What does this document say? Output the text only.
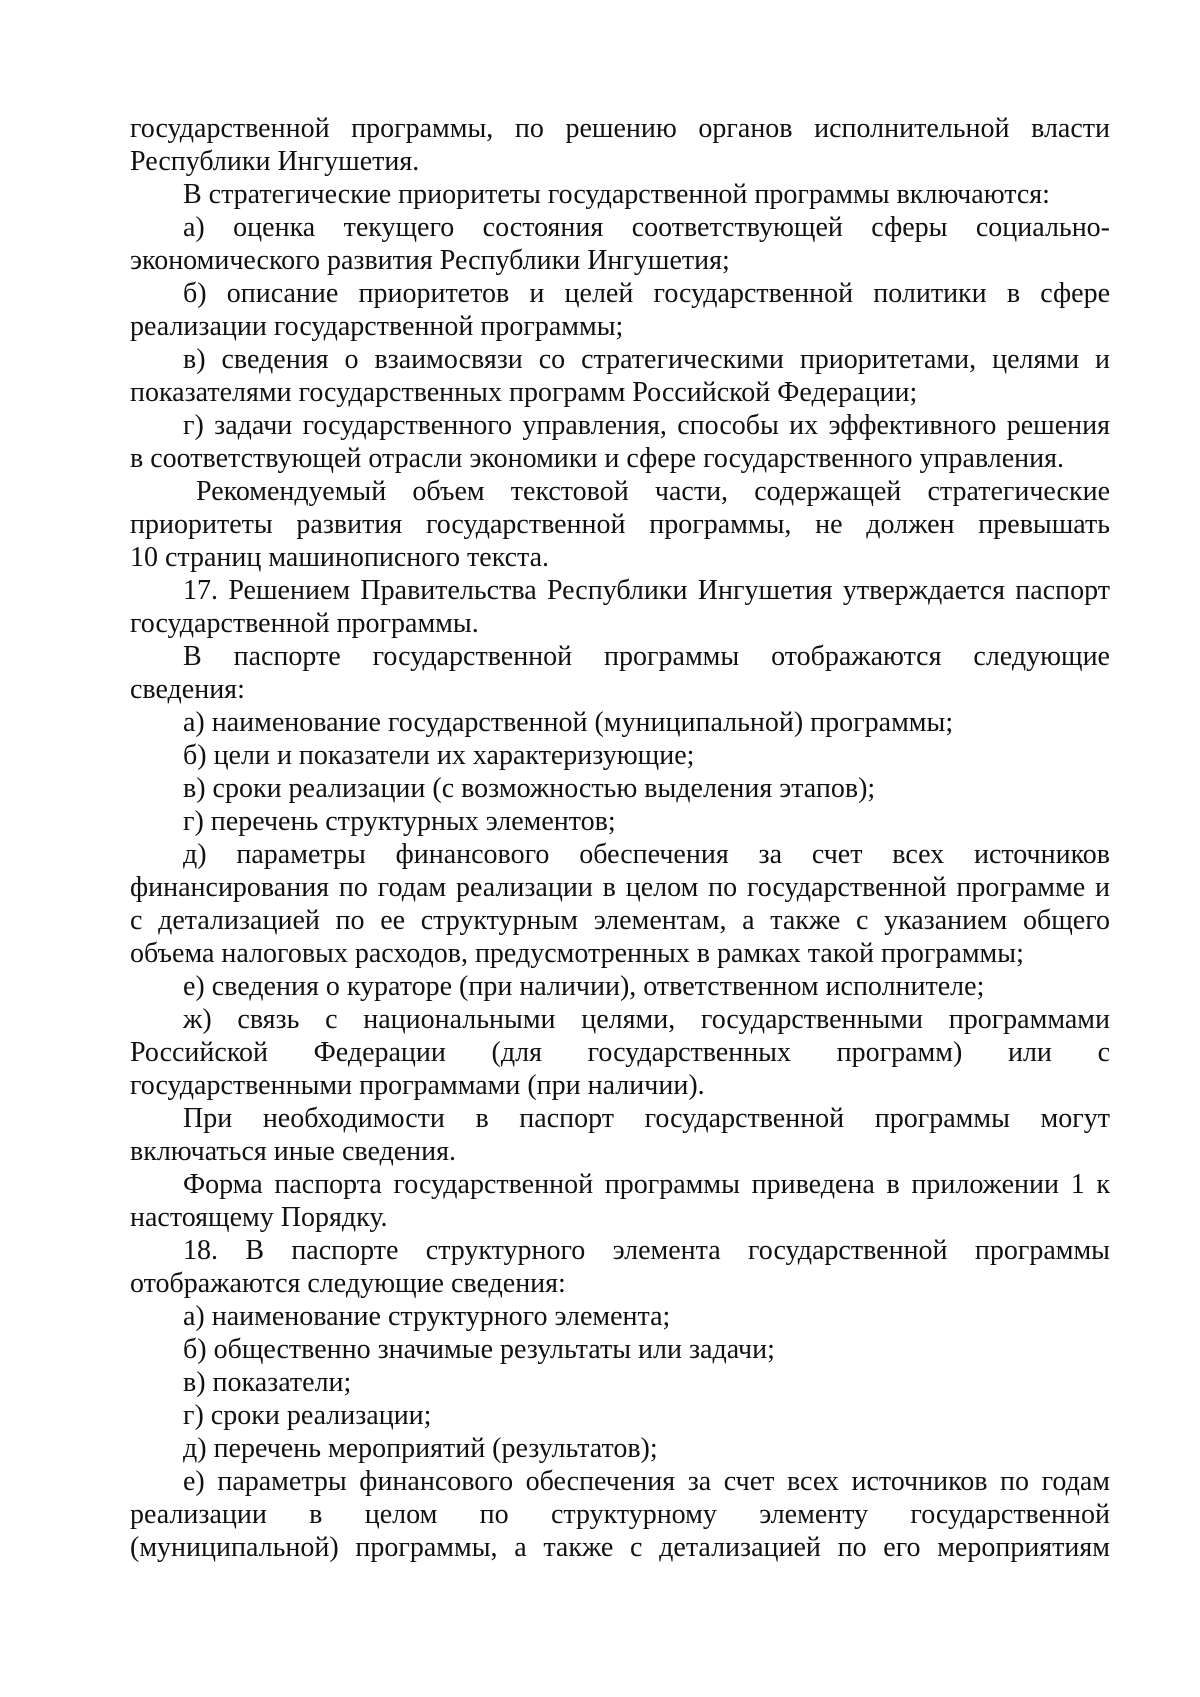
государственной программы, по решению органов исполнительной власти
Республики Ингушетия.
В стратегические приоритеты государственной программы включаются:
а) оценка текущего состояния соответствующей сферы социально-
экономического развития Республики Ингушетия;
б) описание приоритетов и целей государственной политики в сфере
реализации государственной программы;
в) сведения о взаимосвязи со стратегическими приоритетами, целями и
показателями государственных программ Российской Федерации;
г) задачи государственного управления, способы их эффективного решения
в соответствующей отрасли экономики и сфере государственного управления.
Рекомендуемый объем текстовой части, содержащей стратегические
приоритеты развития государственной программы, не должен превышать
10 страниц машинописного текста.
17. Решением Правительства Республики Ингушетия утверждается паспорт
государственной программы.
В паспорте государственной программы отображаются следующие
сведения:
а) наименование государственной (муниципальной) программы;
б) цели и показатели их характеризующие;
в) сроки реализации (с возможностью выделения этапов);
г) перечень структурных элементов;
д) параметры финансового обеспечения за счет всех источников
финансирования по годам реализации в целом по государственной программе и
с детализацией по ее структурным элементам, а также с указанием общего
объема налоговых расходов, предусмотренных в рамках такой программы;
е) сведения о кураторе (при наличии), ответственном исполнителе;
ж) связь с национальными целями, государственными программами
Российской Федерации (для государственных программ) или с
государственными программами (при наличии).
При необходимости в паспорт государственной программы могут
включаться иные сведения.
Форма паспорта государственной программы приведена в приложении 1 к
настоящему Порядку.
18. В паспорте структурного элемента государственной программы
отображаются следующие сведения:
а) наименование структурного элемента;
б) общественно значимые результаты или задачи;
в) показатели;
г) сроки реализации;
д) перечень мероприятий (результатов);
е) параметры финансового обеспечения за счет всех источников по годам
реализации в целом по структурному элементу государственной
(муниципальной) программы, а также с детализацией по его мероприятиям
